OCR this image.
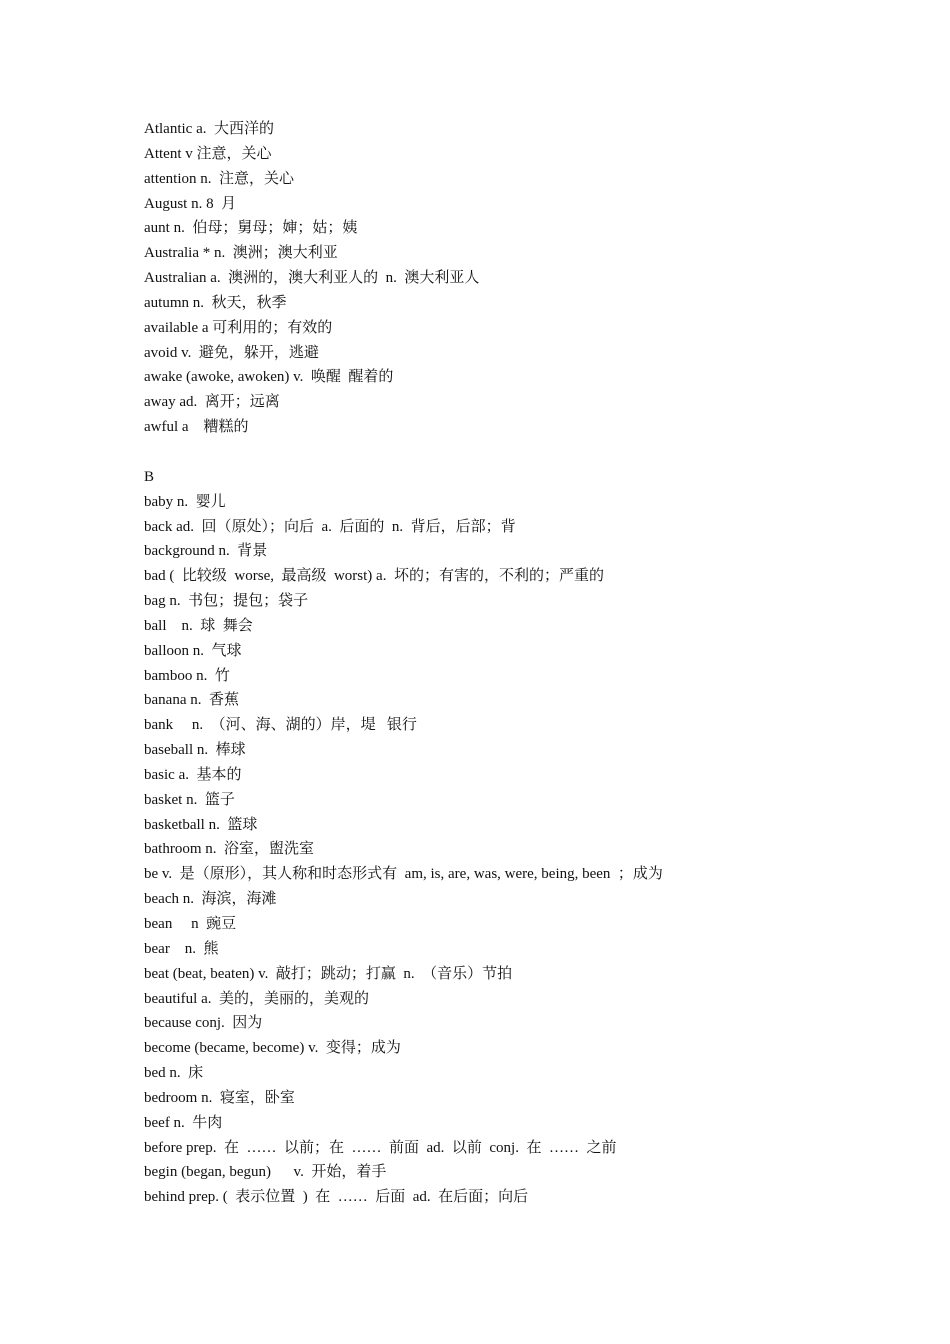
Atlantic a.  大西洋的
Attent v 注意，关心
attention n.  注意，关心
August n. 8  月
aunt n.  伯母；舅母；婶；姑；姨
Australia * n.  澳洲；澳大利亚
Australian a.  澳洲的，澳大利亚人的  n.  澳大利亚人
autumn n.  秋天，秋季
available a 可利用的；有效的
avoid v.  避免，躲开，逃避
awake (awoke, awoken) v.  唤醒  醒着的
away ad.  离开；远离
awful a    糟糕的
B
baby n.  婴儿
back ad.  回（原处）；向后  a.  后面的  n.  背后，后部；背
background n.  背景
bad (  比较级  worse,  最高级  worst) a.  坏的；有害的，不利的；严重的
bag n.  书包；提包；袋子
ball    n.  球  舞会
balloon n.  气球
bamboo n.  竹
banana n.  香蕉
bank     n.  （河、海、湖的）岸，堤   银行
baseball n.  棒球
basic a.  基本的
basket n.  篮子
basketball n.  篮球
bathroom n.  浴室，盥洗室
be v.  是（原形），其人称和时态形式有  am, is, are, was, were, being, been  ；成为
beach n.  海滨，海滩
bean     n  豌豆
bear    n.  熊
beat (beat, beaten) v.  敲打；跳动；打赢  n.  （音乐）节拍
beautiful a.  美的，美丽的，美观的
because conj.  因为
become (became, become) v.  变得；成为
bed n.  床
bedroom n.  寝室，卧室
beef n.  牛肉
before prep.  在  ……  以前；在  ……  前面  ad.  以前  conj.  在  ……  之前
begin (began, begun)      v.  开始，着手
behind prep. (  表示位置  )  在  ……  后面  ad.  在后面；向后
